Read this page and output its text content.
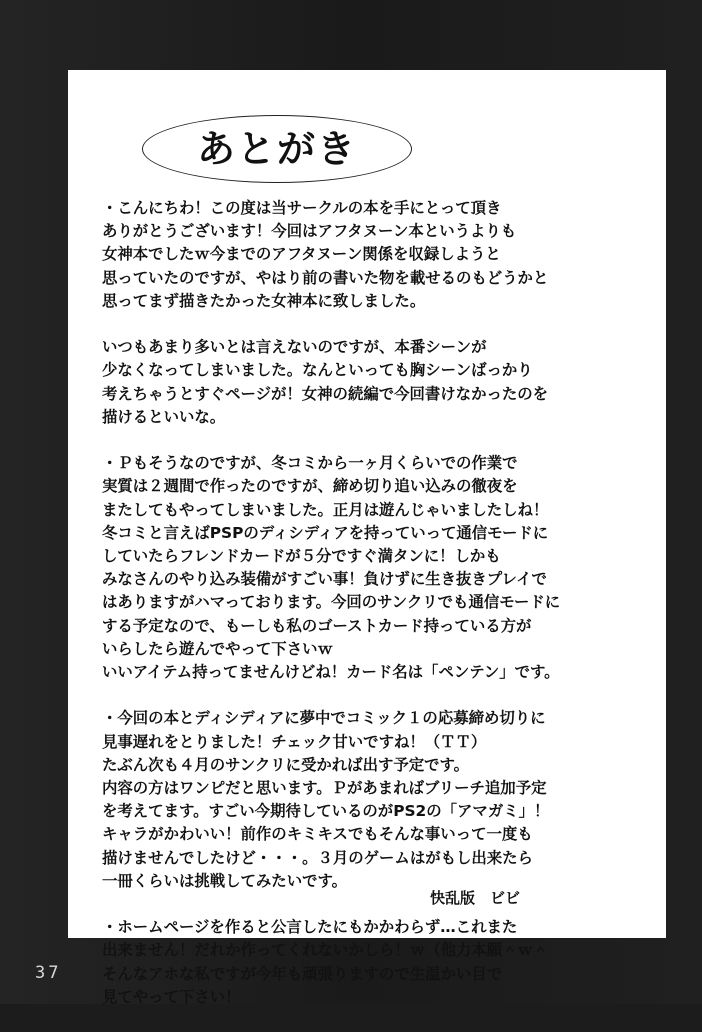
あとがき
・こんにちわ！この度は当サークルの本を手にとって頂き
ありがとうございます！今回はアフタヌーン本というよりも
女神本でしたｗ今までのアフタヌーン関係を収録しようと
思っていたのですが、やはり前の書いた物を載せるのもどうかと
思ってまず描きたかった女神本に致しました。
いつもあまり多いとは言えないのですが、本番シーンが
少なくなってしまいました。なんといっても胸シーンばっかり
考えちゃうとすぐページが！女神の続編で今回書けなかったのを
描けるといいな。
・Ｐもそうなのですが、冬コミから一ヶ月くらいでの作業で
実質は２週間で作ったのですが、締め切り追い込みの徹夜を
またしてもやってしまいました。正月は遊んじゃいましたしね！
冬コミと言えばPSPのディシディアを持っていって通信モードに
していたらフレンドカードが５分ですぐ満タンに！しかも
みなさんのやり込み装備がすごい事！負けずに生き抜きプレイで
はありますがハマっております。今回のサンクリでも通信モードに
する予定なので、もーしも私のゴーストカード持っている方が
いらしたら遊んでやって下さいｗ
いいアイテム持ってませんけどね！カード名は「ペンテン」です。
・今回の本とディシディアに夢中でコミック１の応募締め切りに
見事遅れをとりました！チェック甘いですね！（ＴＴ）
たぶん次も４月のサンクリに受かれば出す予定です。
内容の方はワンピだと思います。Ｐがあまればブリーチ追加予定
を考えてます。すごい今期待しているのがPS2の「アマガミ」！
キャラがかわいい！前作のキミキスでもそんな事いって一度も
描けませんでしたけど・・・。３月のゲームはがもし出来たら
一冊くらいは挑戦してみたいです。
・ホームページを作ると公言したにもかかわらず…これまた
出来ません！だれか作ってくれないかしら！ｗ（他力本願＾ｗ＾
そんなアホな私ですが今年も頑張りますので生温かい目で
見てやって下さい！
快乱版　ビビ
37
